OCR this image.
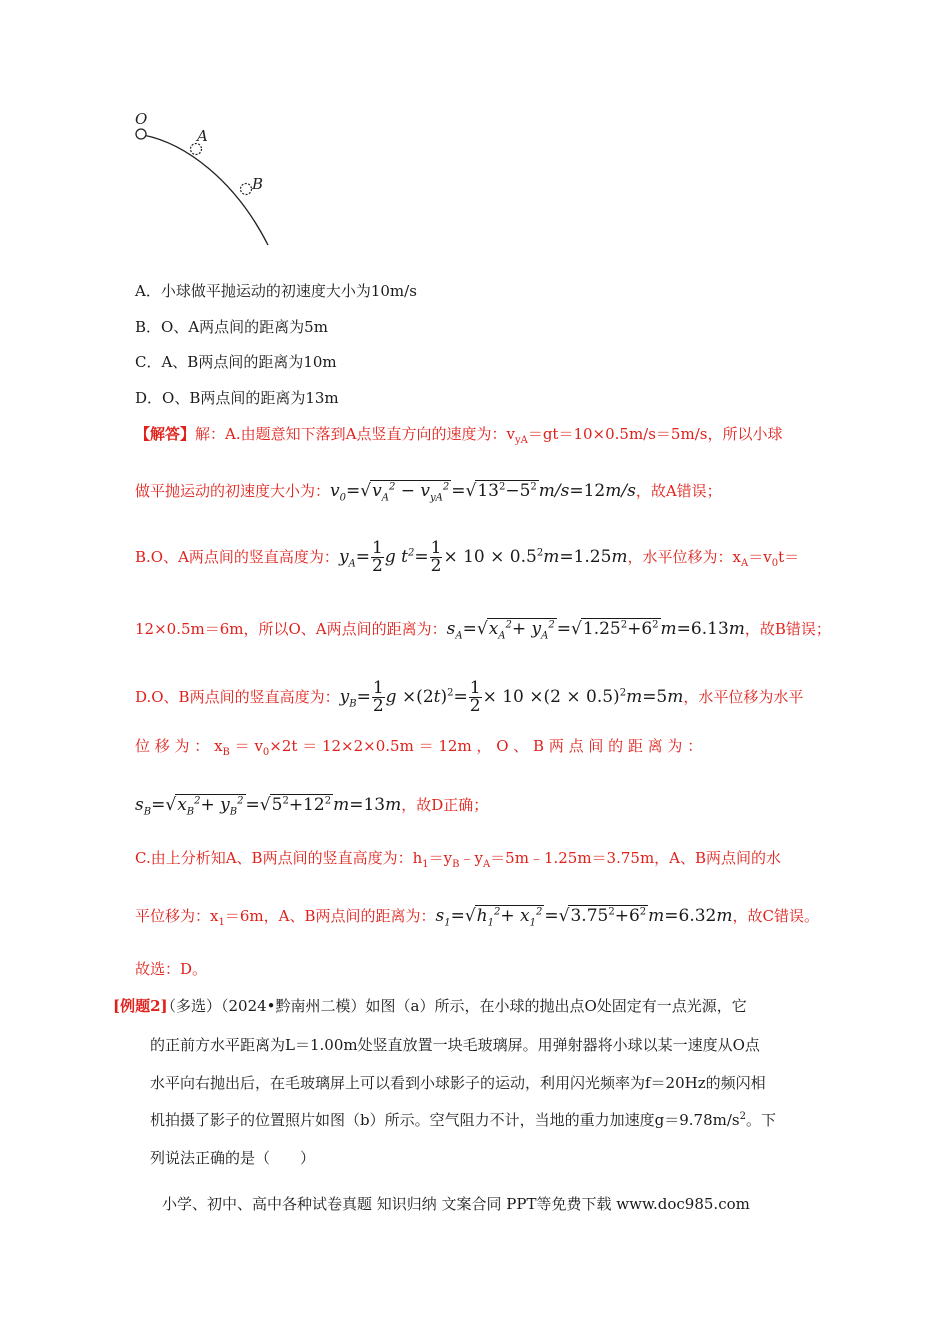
O
A
B
A．小球做平抛运动的初速度大小为10m/s
B．O、A两点间的距离为5m
C．A、B两点间的距离为10m
D．O、B两点间的距离为13m
【解答】解：A.由题意知下落到A点竖直方向的速度为：$v_{yA}=gt=10\times 0.5m/s=5m/s$，所以小球
做平抛运动的初速度大小为：$v_0=√v_A^2 - v_{yA}^2 =√13^2-5^2$ m/s=12m/s，故A错误；
B.O、A两点间的竖直高度为：$y_A= \frac{1}{2}$ g $t^2= \frac{1}{2} \times 10 \times 0.5^2m=1.25m$，水平位移为：$x_A=v_0t=$
12×0.5m＝6m，所以O、A两点间的距离为：$s_A=√x_A^2+ y_A^2 =√1.25^2+6^2$ m=6.13m，故B错误；
D.O、B两点间的竖直高度为：$y_B= \frac{1}{2}$ $g \times(2t)^2= \frac{1}{2} \times 10 \times(2 \times 0.5)^2m=5m$，水平位移为水平
位 移 为 ： $x_B = v_0\times 2t = 12\times 2\times 0.5m = 12m$ ， O 、 B 两 点 间 的 距 离 为 ：
$s_B=√x_B^2+ y_B^2 =√5^2+12^2$ m=13m，故D正确；
C.由上分析知A、B两点间的竖直高度为：$h_1=y_B﹣y_A=5m﹣1.25m=3.75m$，A、B两点间的水
平位移为：$x_1=6m$，A、B两点间的距离为：$s_1=√h_1^2+ x_1^2 =√3.75^2+6^2$ m=6.32m，故C错误。
故选：D。
[例题2]
（多选）（2024•黔南州二模）如图（a）所示，在小球的抛出点O处固定有一点光源，它
的正前方水平距离为L＝1.00m处竖直放置一块毛玻璃屏。用弹射器将小球以某一速度从O点
水平向右抛出后，在毛玻璃屏上可以看到小球影子的运动，利用闪光频率为f＝20Hz的频闪相
机拍摄了影子的位置照片如图（b）所示。空气阻力不计，当地的重力加速度$g=9.78m/s^2$。下
列说法正确的是（　　）
小学、初中、高中各种试卷真题 知识归纳 文案合同 PPT等免费下载 www.doc985.com
